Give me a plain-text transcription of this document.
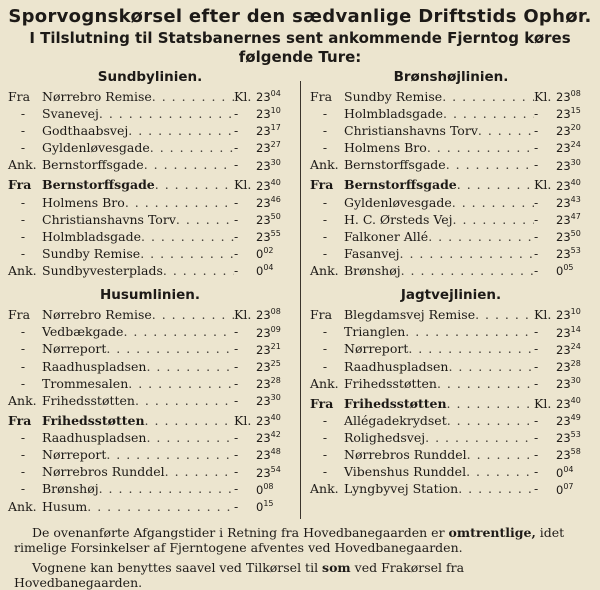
Sporvognskørsel efter den sædvanlige Driftstids Ophør.
I Tilslutning til Statsbanernes sent ankommende Fjerntog køres
følgende Ture:
Sundbylinien.
Fra Nørrebro Remise . . .	Kl. $23^{04}$
-	Svanevej . . .	-	$23^{10}$
-	Godthaabsvej . . .	-	$23^{17}$
-	Gyldenløvesgade . . .	-	$23^{27}$
Ank. Bernstorffsgade . . .	-	$23^{30}$
Fra Bernstorffsgade . . .	Kl. $23^{40}$
-	Holmens Bro . . .	-	$23^{46}$
-	Christianshavns Torv . . .	-	$23^{50}$
-	Holmbladsgade . . .	-	$23^{55}$
-	Sundby Remise . . .	-	$0^{02}$
Ank. Sundbyvesterplads . . .	-	$0^{04}$
Husumlinien.
Fra Nørrebro Remise . . .	Kl. $23^{08}$
-	Vedbækgade . . .	-	$23^{09}$
-	Nørreport . . .	-	$23^{21}$
-	Raadhuspladsen . . .	-	$23^{25}$
-	Trommesalen . . .	-	$23^{28}$
Ank. Frihedsstøtten . . .	-	$23^{30}$
Fra Frihedsstøtten . . .	Kl. $23^{40}$
-	Raadhuspladsen . . .	-	$23^{42}$
-	Nørreport . . .	-	$23^{48}$
-	Nørrebros Runddel . . .	-	$23^{54}$
-	Brønshøj . . .	-	$0^{08}$
Ank. Husum . . .	-	$0^{15}$
Brønshøjlinien.
Fra Sundby Remise . . .	Kl. $23^{08}$
-	Holmbladsgade . . .	-	$23^{15}$
-	Christianshavns Torv . . .	-	$23^{20}$
-	Holmens Bro . . .	-	$23^{24}$
Ank. Bernstorffsgade . . .	-	$23^{30}$
Fra Bernstorffsgade . . .	Kl. $23^{40}$
-	Gyldenløvesgade . . .	-	$23^{43}$
-	H. C. Ørsteds Vej . . .	-	$23^{47}$
-	Falkoner Allé . . .	-	$23^{50}$
-	Fasanvej . . .	-	$23^{53}$
Ank. Brønshøj . . .	-	$0^{05}$
Jagtvejlinien.
Fra Blegdamsvej Remise . . .	Kl. $23^{10}$
-	Trianglen . . .	-	$23^{14}$
-	Nørreport . . .	-	$23^{24}$
-	Raadhuspladsen . . .	-	$23^{28}$
Ank. Frihedsstøtten . . .	-	$23^{30}$
Fra Frihedsstøtten . . .	Kl. $23^{40}$
-	Allégadekrydset . . .	-	$23^{49}$
-	Rolighedsvej . . .	-	$23^{53}$
-	Nørrebros Runddel . . .	-	$23^{58}$
-	Vibenshus Runddel . . .	-	$0^{04}$
Ank. Lyngbyvej Station . . .	-	$0^{07}$

De ovenanførte Afgangstider i Retning fra Hovedbanegaarden er omtrentlige, idet rimelige Forsinkelser af Fjerntogene afventes ved Hovedbanegaarden.

Vognene kan benyttes saavel ved Tilkørsel til som ved Frakørsel fra Hovedbanegaarden.
